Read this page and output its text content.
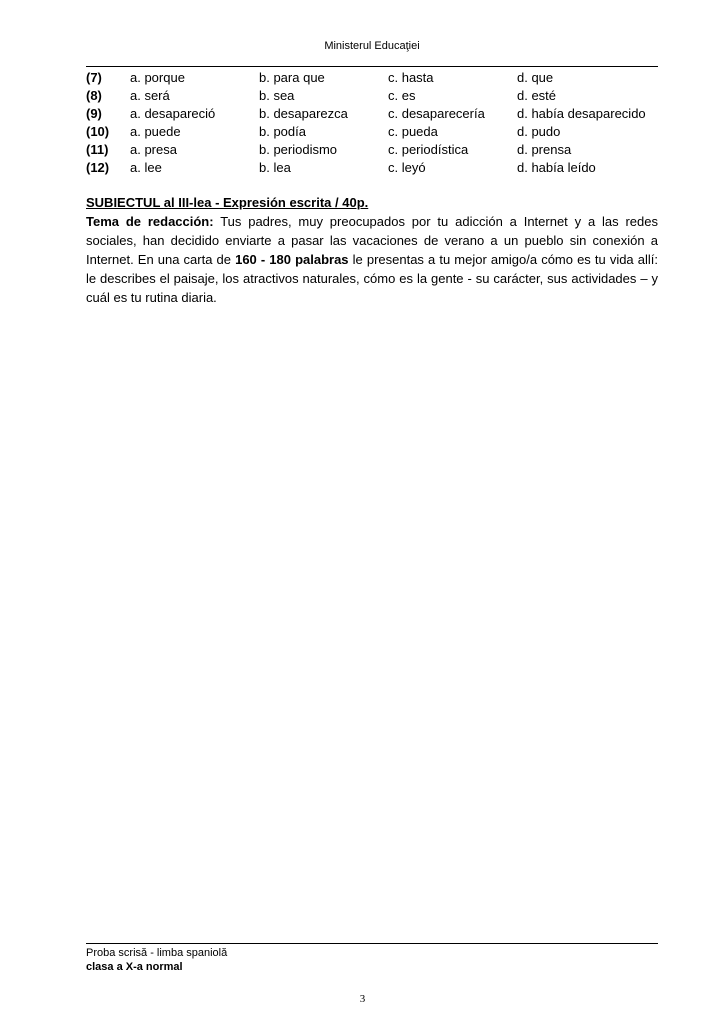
Ministerul Educaţiei
(7) a. porque	b. para que	c. hasta	d. que
(8) a. será	b. sea	c. es	d. esté
(9) a. desapareció	b. desaparezca	c. desaparecería d. había desaparecido
(10) a. puede	b. podía	c. pueda	d. pudo
(11) a. presa	b. periodismo	c. periodística	d. prensa
(12) a. lee	b. lea	c. leyó	d. había leído
SUBIECTUL al III-lea - Expresión escrita / 40p.
Tema de redacción: Tus padres, muy preocupados por tu adicción a Internet y a las redes sociales, han decidido enviarte a pasar las vacaciones de verano a un pueblo sin conexión a Internet. En una carta de 160 - 180 palabras le presentas a tu mejor amigo/a cómo es tu vida allí: le describes el paisaje, los atractivos naturales, cómo es la gente - su carácter, sus actividades – y cuál es tu rutina diaria.
Proba scrisă - limba spaniolă
clasa a X-a normal
3
